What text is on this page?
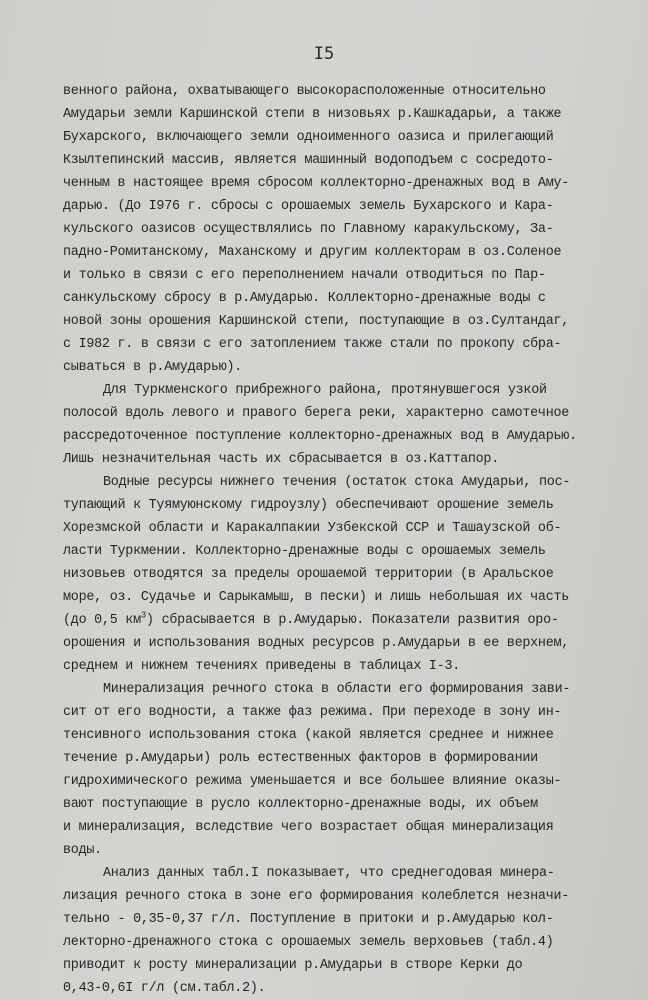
I5

венного района, охватывающего высокорасположенные относительно

Амударьи земли Каршинской степи в низовьях р.Кашкадарьи, а также

Бухарского, включающего земли одноименного оазиса и прилегающий

Кзылтепинский массив, является машинный водоподъем с сосредото-

ченным в настоящее время сбросом коллекторно-дренажных вод в Аму-

дарью. (До I976 г. сбросы с орошаемых земель Бухарского и Кара-

кульского оазисов осуществлялись по Главному каракульскому, За-

падно-Ромитанскому, Маханскому и другим коллекторам в оз.Соленое

и только в связи с его переполнением начали отводиться по Пар-

санкульскому сбросу в р.Амударью. Коллекторно-дренажные воды с

новой зоны орошения Каршинской степи, поступающие в оз.Султандаг,

с I982 г. в связи с его затоплением также стали по прокопу сбра-

сываться в р.Амударью).

Для Туркменского прибрежного района, протянувшегося узкой

полосой вдоль левого и правого берега реки, характерно самотечное

рассредоточенное поступление коллекторно-дренажных вод в Амударью.

Лишь незначительная часть их сбрасывается в оз.Каттапор.

Водные ресурсы нижнего течения (остаток стока Амударьи, пос-

тупающий к Туямуюнскому гидроузлу) обеспечивают орошение земель

Хорезмской области и Каракалпакии Узбекской ССР и Ташаузской об-

ласти Туркмении. Коллекторно-дренажные воды с орошаемых земель

низовьев отводятся за пределы орошаемой территории (в Аральское

море, оз. Судачье и Сарыкамыш, в пески) и лишь небольшая их часть

(до 0,5 $км^3$) сбрасывается в р.Амударью. Показатели развития оро-

орошения и использования водных ресурсов р.Амударьи в ее верхнем,

среднем и нижнем течениях приведены в таблицах I-3.

Минерализация речного стока в области его формирования зави-

сит от его водности, а также фаз режима. При переходе в зону ин-

тенсивного использования стока (какой является среднее и нижнее

течение р.Амударьи) роль естественных факторов в формировании

гидрохимического режима уменьшается и все большее влияние оказы-

вают поступающие в русло коллекторно-дренажные воды, их объем

и минерализация, вследствие чего возрастает общая минерализация

воды.

Анализ данных табл.I показывает, что среднегодовая минера-

лизация речного стока в зоне его формирования колеблется незначи-

тельно - 0,35-0,37 г/л. Поступление в притоки и р.Амударью кол-

лекторно-дренажного стока с орошаемых земель верховьев (табл.4)

приводит к росту минерализации р.Амударьи в створе Керки до

0,43-0,6I г/л (см.табл.2).
